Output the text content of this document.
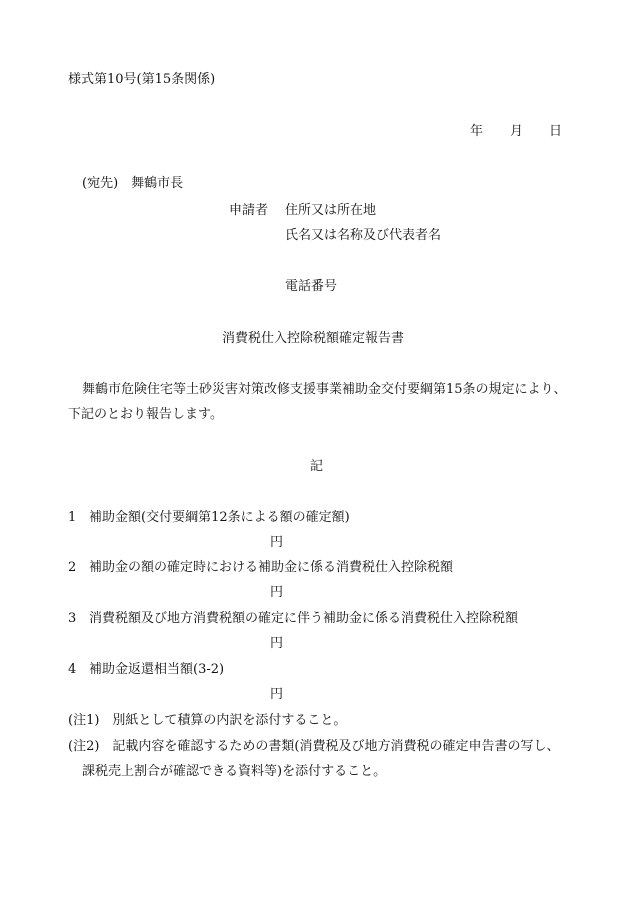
様式第10号(第15条関係)
年 月 日
(宛先)　舞鶴市長
申請者 住所又は所在地
氏名又は名称及び代表者名
電話番号
消費税仕入控除税額確定報告書
舞鶴市危険住宅等土砂災害対策改修支援事業補助金交付要綱第15条の規定により、
下記のとおり報告します。
記
1 補助金額(交付要綱第12条による額の確定額)
円
2 補助金の額の確定時における補助金に係る消費税仕入控除税額
円
3 消費税額及び地方消費税額の確定に伴う補助金に係る消費税仕入控除税額
円
4 補助金返還相当額(3-2)
円
(注1)　別紙として積算の内訳を添付すること。
(注2)　記載内容を確認するための書類(消費税及び地方消費税の確定申告書の写し、
課税売上割合が確認できる資料等)を添付すること。
